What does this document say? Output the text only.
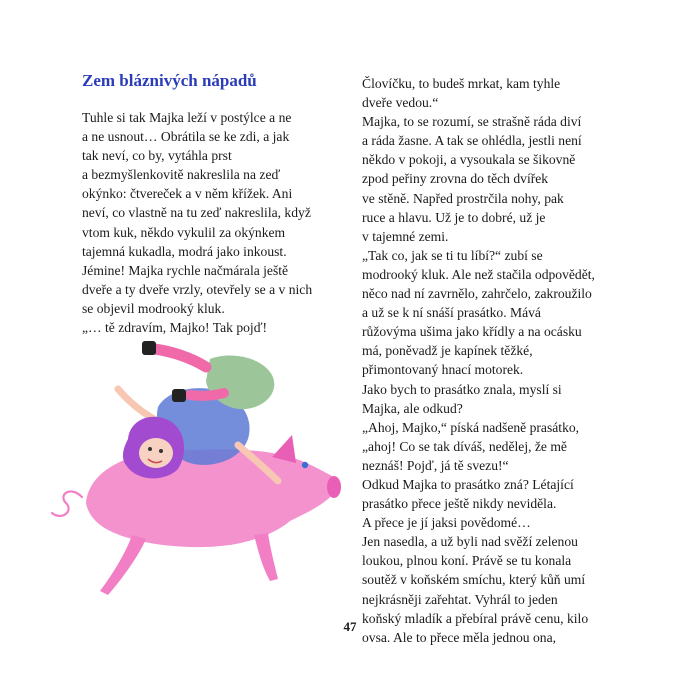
Zem bláznivých nápadů
Tuhle si tak Majka leží v postýlce a ne
a ne usnout… Obrátila se ke zdi, a jak
tak neví, co by, vytáhla prst
a bezmyšlenkovitě nakreslila na zeď
okýnko: čtvereček a v něm křížek. Ani
neví, co vlastně na tu zeď nakreslila, když
vtom kuk, někdo vykulil za okýnkem
tajemná kukadla, modrá jako inkoust.
Jémine! Majka rychle načmárala ještě
dveře a ty dveře vrzly, otevřely se a v nich
se objevil modrooký kluk.
„… tě zdravím, Majko! Tak pojď!
Človíčku, to budeš mrkat, kam tyhle
dveře vedou.“
Majka, to se rozumí, se strašně ráda diví
a ráda žasne. A tak se ohlédla, jestli není
někdo v pokoji, a vysoukala se šikovně
zpod peřiny zrovna do těch dvířek
ve stěně. Napřed prostrčila nohy, pak
ruce a hlavu. Už je to dobré, už je
v tajemné zemi.
„Tak co, jak se ti tu líbí?“ zubí se
modrooký kluk. Ale než stačila odpovědět,
něco nad ní zavrnělo, zahrčelo, zakroužilo
a už se k ní snáší prasátko. Mává
růžovýma ušima jako křídly a na ocásku
má, poněvadž je kapínek těžké,
přimontovaný hnací motorek.
Jako bych to prasátko znala, myslí si
Majka, ale odkud?
„Ahoj, Majko,“ píská nadšeně prasátko,
„ahoj! Co se tak díváš, nedělej, že mě
neznáš! Pojď, já tě svezu!“
Odkud Majka to prasátko zná? Létající
prasátko přece ještě nikdy neviděla.
A přece je jí jaksi povědomé…
Jen nasedla, a už byli nad svěží zelenou
loukou, plnou koní. Právě se tu konala
soutěž v koňském smíchu, který kůň umí
nejkrásněji zařehtat. Vyhrál to jeden
koňský mladík a přebíral právě cenu, kilo
ovsa. Ale to přece měla jednou ona,
47
